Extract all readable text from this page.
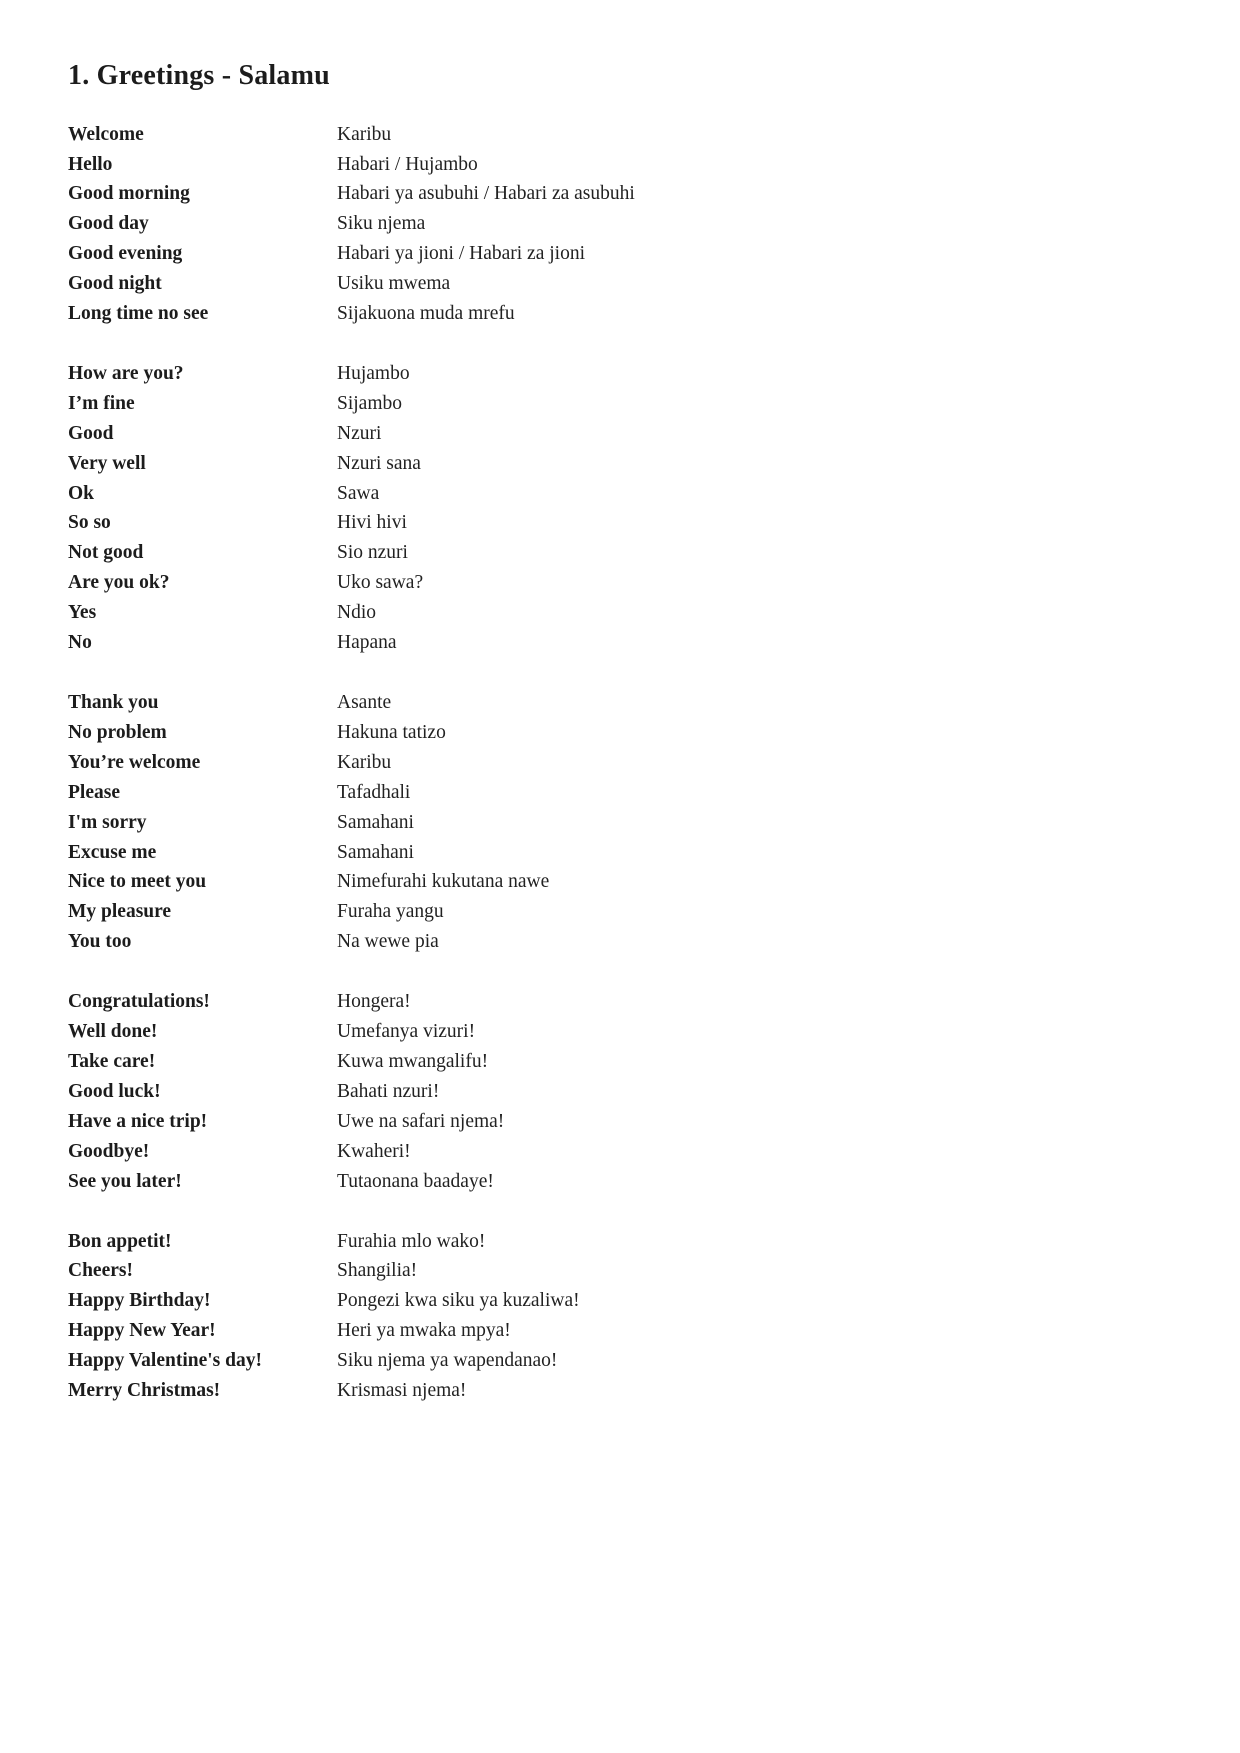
1. Greetings - Salamu
Welcome	Karibu
Hello	Habari / Hujambo
Good morning	Habari ya asubuhi / Habari za asubuhi
Good day	Siku njema
Good evening	Habari ya jioni / Habari za jioni
Good night	Usiku mwema
Long time no see	Sijakuona muda mrefu
How are you?	Hujambo
I’m fine	Sijambo
Good	Nzuri
Very well	Nzuri sana
Ok	Sawa
So so	Hivi hivi
Not good	Sio nzuri
Are you ok?	Uko sawa?
Yes	Ndio
No	Hapana
Thank you	Asante
No problem	Hakuna tatizo
You’re welcome	Karibu
Please	Tafadhali
I'm sorry	Samahani
Excuse me	Samahani
Nice to meet you	Nimefurahi kukutana nawe
My pleasure	Furaha yangu
You too	Na wewe pia
Congratulations!	Hongera!
Well done!	Umefanya vizuri!
Take care!	Kuwa mwangalifu!
Good luck!	Bahati nzuri!
Have a nice trip!	Uwe na safari njema!
Goodbye!	Kwaheri!
See you later!	Tutaonana baadaye!
Bon appetit!	Furahia mlo wako!
Cheers!	Shangilia!
Happy Birthday!	Pongezi kwa siku ya kuzaliwa!
Happy New Year!	Heri ya mwaka mpya!
Happy Valentine's day!	Siku njema ya wapendanao!
Merry Christmas!	Krismasi njema!
